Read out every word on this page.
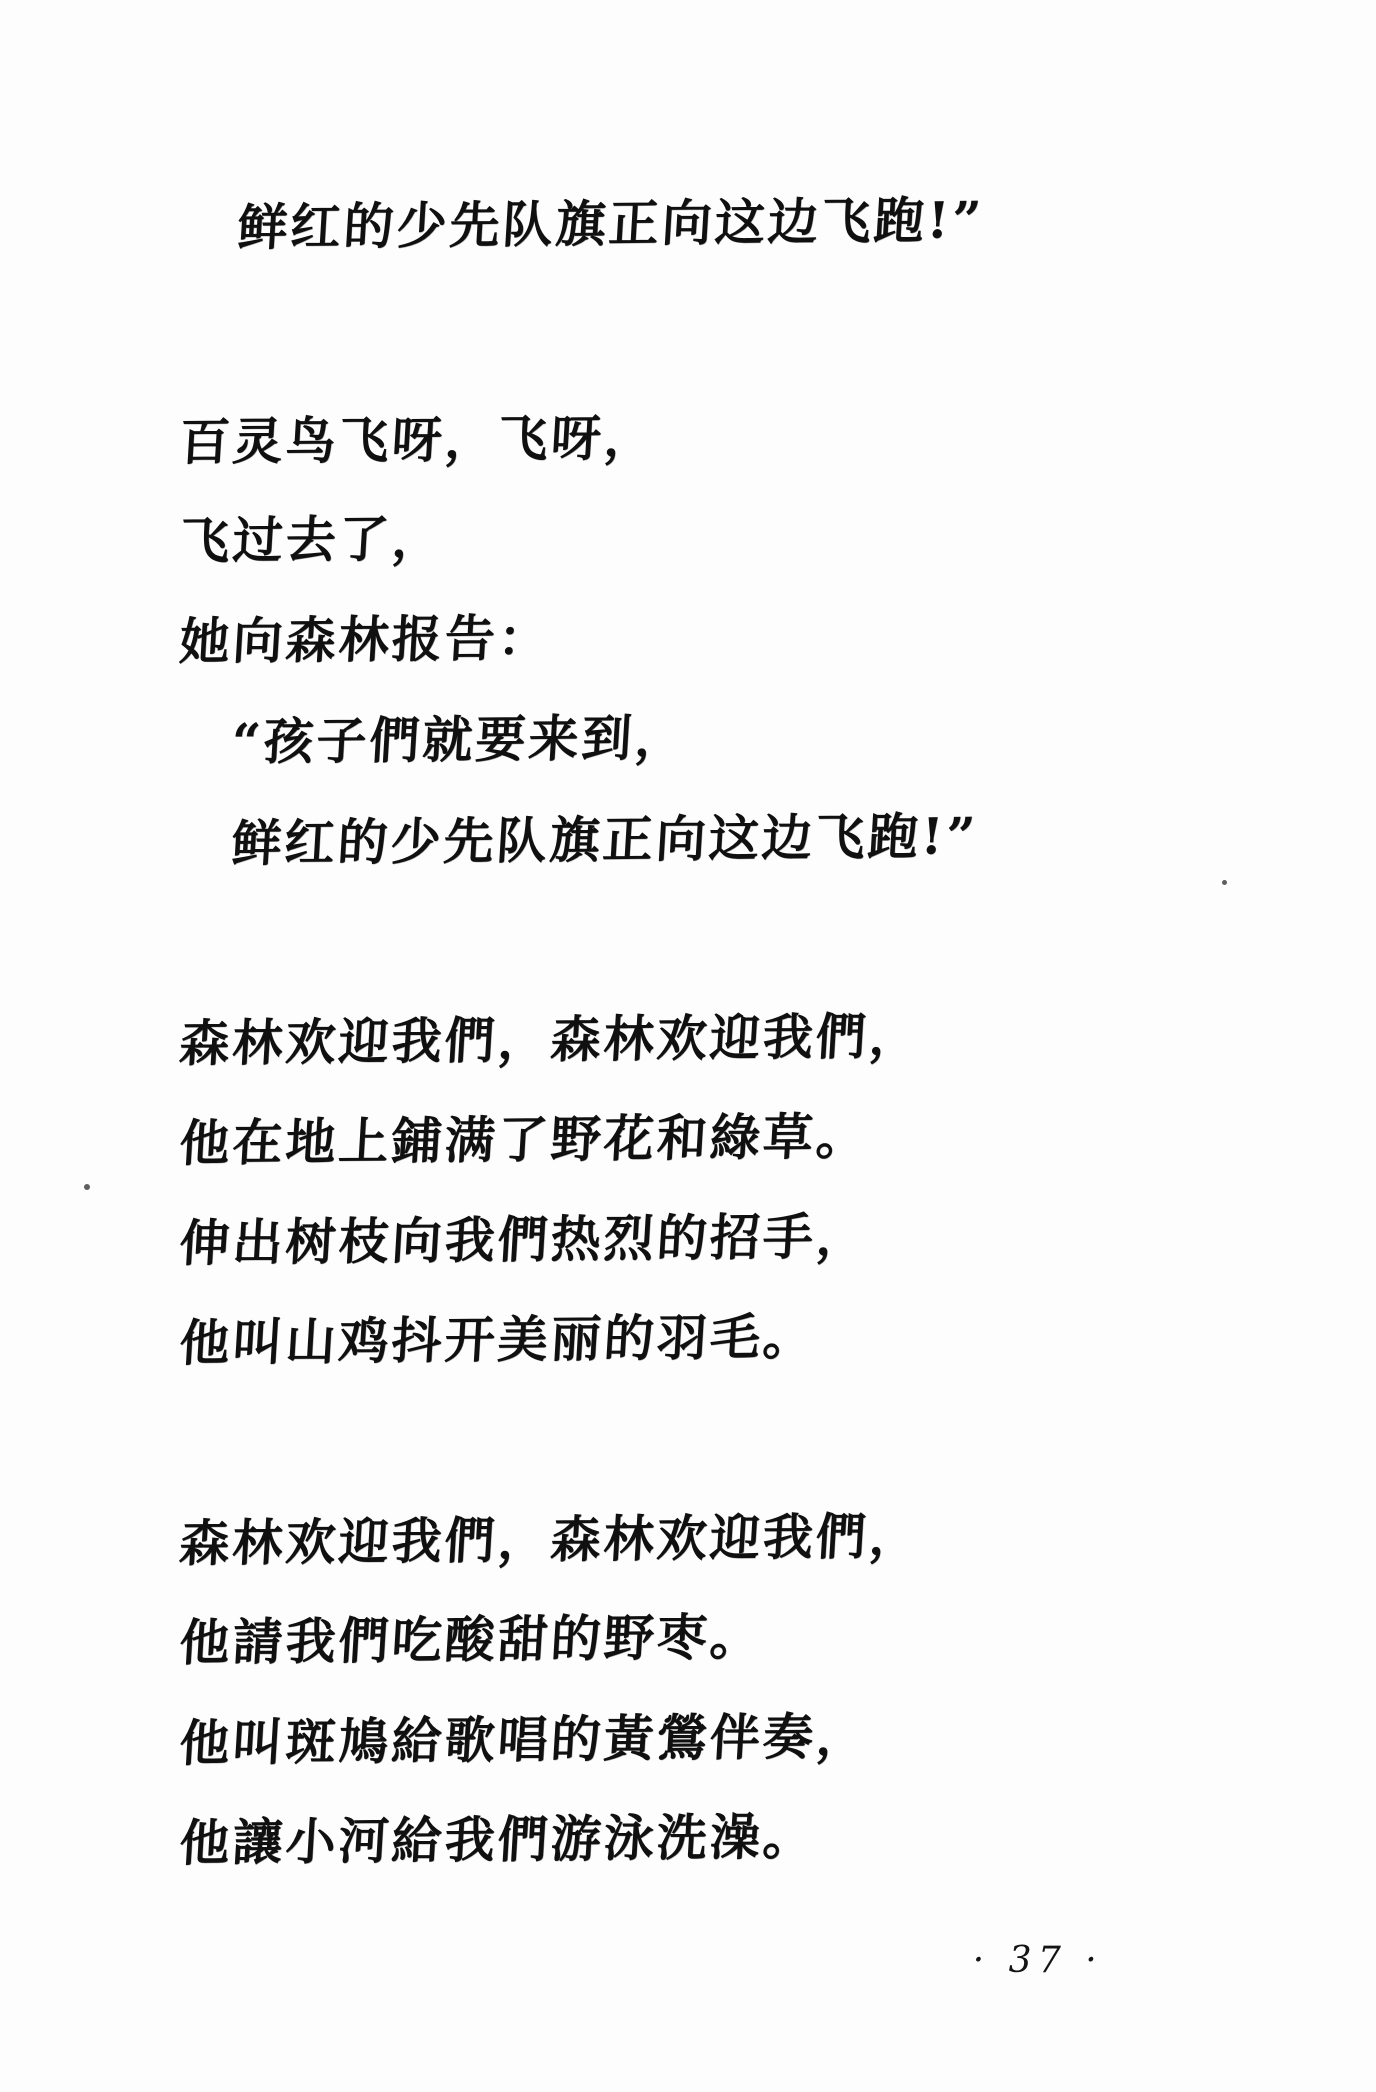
鲜红的少先队旗正向这边飞跑!”
百灵鸟飞呀，飞呀，
飞过去了，
她向森林报告：
“孩子們就要来到，
鲜红的少先队旗正向这边飞跑!”
森林欢迎我們，森林欢迎我們，
他在地上鋪满了野花和綠草。
伸出树枝向我們热烈的招手，
他叫山鸡抖开美丽的羽毛。
森林欢迎我們，森林欢迎我們，
他請我們吃酸甜的野枣。
他叫斑鳩給歌唱的黃鶯伴奏，
他讓小河給我們游泳洗澡。
· 37 ·
